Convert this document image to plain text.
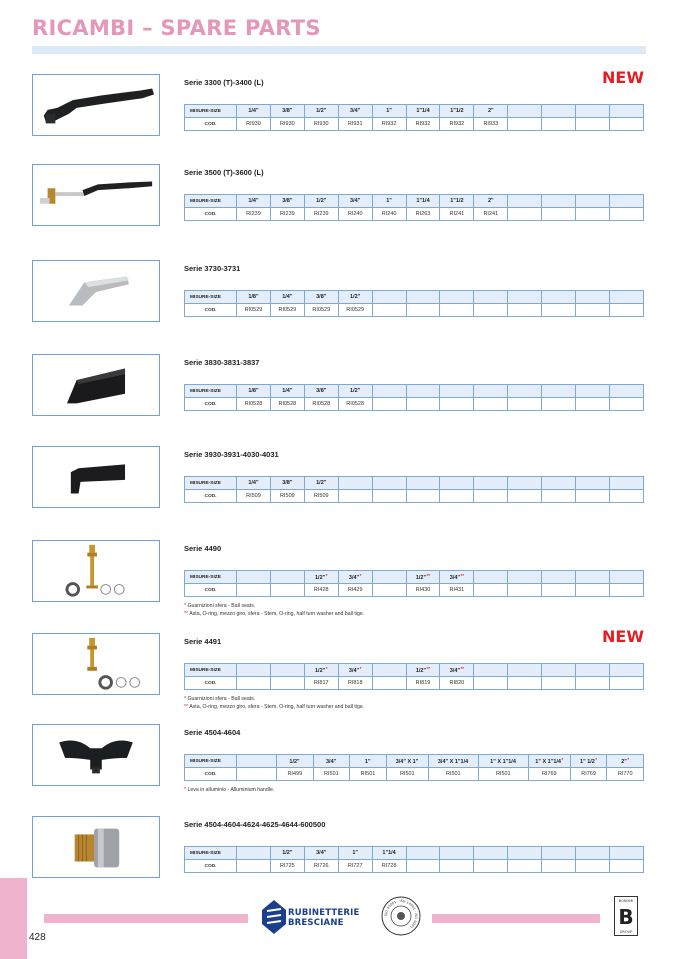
RICAMBI – SPARE PARTS
Serie 3300 (T)-3400 (L)	NEW
MISURE-SIZE	1/4"	3/8"	1/2"	3/4"	1"	1"1/4	1"1/2	2"				
COD.	RI930	RI930	RI930	RI931	RI932	RI932	RI932	RI933				
Serie 3500 (T)-3600 (L)
MISURE-SIZE	1/4"	3/8"	1/2"	3/4"	1"	1"1/4	1"1/2	2"				
COD.	RI239	RI239	RI239	RI240	RI240	RI263	RI241	RI241				
Serie 3730-3731
MISURE-SIZE	1/8"	1/4"	3/8"	1/2"								
COD.	RI0529	RI0529	RI0529	RI0529								
Serie 3830-3831-3837
MISURE-SIZE	1/8"	1/4"	3/8"	1/2"								
COD.	RI0528	RI0528	RI0528	RI0528								
Serie 3930-3931-4030-4031
MISURE-SIZE	1/4"	3/8"	1/2"									
COD.	RI509	RI509	RI509									
Serie 4490
MISURE-SIZE			1/2"*	3/4"*		1/2"**	3/4"**					
COD.			RI428	RI429		RI430	RI431					
* Guarnizioni sfera - Ball seats.
** Asta, O-ring, mezzo giro, sfera - Stem, O-ring, half turn washer and ball tige.
Serie 4491	NEW
MISURE-SIZE			1/2"*	3/4"*		1/2"**	3/4"**					
COD.			RI817	RI818		RI819	RI820					
* Guarnizioni sfera - Ball seats.
** Asta, O-ring, mezzo giro, sfera - Stem, O-ring, half turn washer and ball tige.
Serie 4504-4604
MISURE-SIZE		1/2"	3/4"	1"	3/4" X 1"	3/4" X 1"1/4	1" X 1"1/4	1" X 1"1/4*	1" 1/2*	2"*
COD.		RI499	RI501	RI501	RI501	RI501	RI501	RI769	RI769	RI770
* Leva in alluminio - Alluminium handle.
Serie 4504-4604-4624-4625-4644-600500
MISURE-SIZE		1/2"	3/4"	1"	1"1/4							
COD.		RI725	RI726	RI727	RI728							
428
RUBINETTERIE
BRESCIANE
ISO 45001 · ISO 14001 · ISO 9001 ·
BONOMI
B
GROUP
